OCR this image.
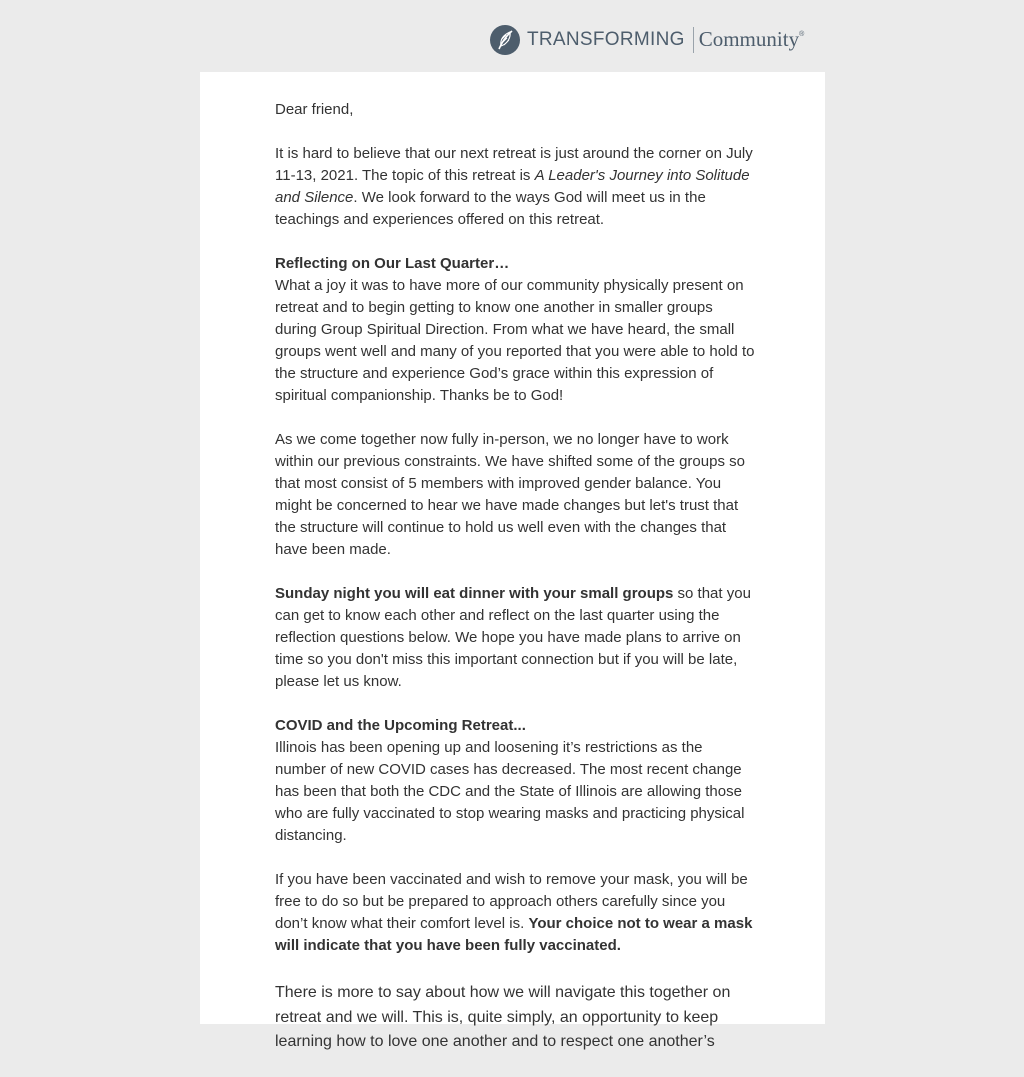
TRANSFORMING Community ®

Dear friend,

It is hard to believe that our next retreat is just around the corner on July 11-13, 2021. The topic of this retreat is A Leader's Journey into Solitude and Silence. We look forward to the ways God will meet us in the teachings and experiences offered on this retreat.

Reflecting on Our Last Quarter…
What a joy it was to have more of our community physically present on retreat and to begin getting to know one another in smaller groups during Group Spiritual Direction. From what we have heard, the small groups went well and many of you reported that you were able to hold to the structure and experience God’s grace within this expression of spiritual companionship. Thanks be to God!

As we come together now fully in-person, we no longer have to work within our previous constraints. We have shifted some of the groups so that most consist of 5 members with improved gender balance. You might be concerned to hear we have made changes but let's trust that the structure will continue to hold us well even with the changes that have been made.

Sunday night you will eat dinner with your small groups so that you can get to know each other and reflect on the last quarter using the reflection questions below. We hope you have made plans to arrive on time so you don't miss this important connection but if you will be late, please let us know.

COVID and the Upcoming Retreat...
Illinois has been opening up and loosening it’s restrictions as the number of new COVID cases has decreased. The most recent change has been that both the CDC and the State of Illinois are allowing those who are fully vaccinated to stop wearing masks and practicing physical distancing.

If you have been vaccinated and wish to remove your mask, you will be free to do so but be prepared to approach others carefully since you don’t know what their comfort level is. Your choice not to wear a mask will indicate that you have been fully vaccinated.

There is more to say about how we will navigate this together on retreat and we will. This is, quite simply, an opportunity to keep learning how to love one another and to respect one another’s
